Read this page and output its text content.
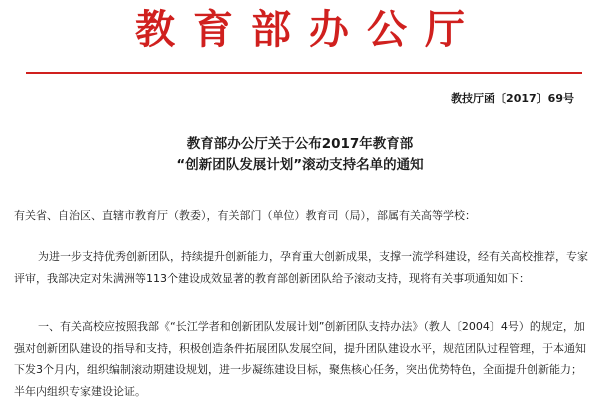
教育部办公厅
教技厅函〔2017〕69号
教育部办公厅关于公布2017年教育部
“创新团队发展计划”滚动支持名单的通知
有关省、自治区、直辖市教育厅（教委），有关部门（单位）教育司（局），部属有关高等学校：
为进一步支持优秀创新团队，持续提升创新能力，孕育重大创新成果，支撑一流学科建设，经有关高校推荐，专家评审，我部决定对朱满洲等113个建设成效显著的教育部创新团队给予滚动支持，现将有关事项通知如下：
一、有关高校应按照我部《“长江学者和创新团队发展计划”创新团队支持办法》（教人〔2004〕4号）的规定，加强对创新团队建设的指导和支持，积极创造条件拓展团队发展空间，提升团队建设水平，规范团队过程管理，于本通知下发3个月内，组织编制滚动期建设规划，进一步凝练建设目标，聚焦核心任务，突出优势特色，全面提升创新能力；半年内组织专家建设论证。
